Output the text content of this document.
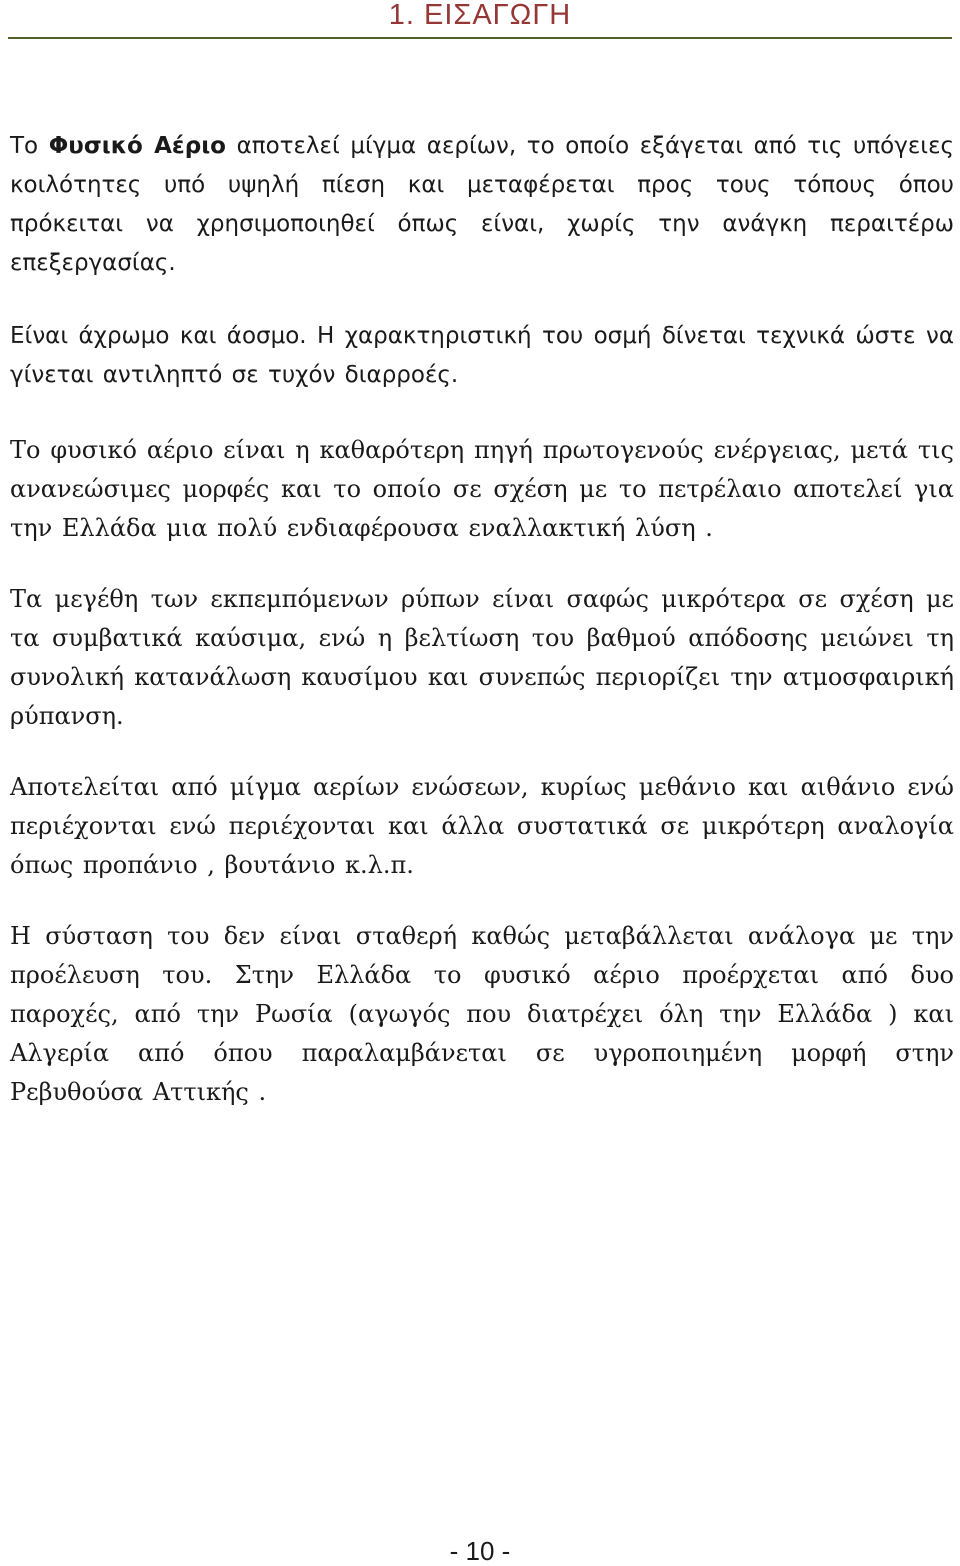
1. ΕΙΣΑΓΩΓΗ

Το Φυσικό Αέριο αποτελεί μίγμα αερίων, το οποίο εξάγεται από τις υπόγειες κοιλότητες υπό υψηλή πίεση και μεταφέρεται προς τους τόπους όπου πρόκειται να χρησιμοποιηθεί όπως είναι, χωρίς την ανάγκη περαιτέρω επεξεργασίας.

Είναι άχρωμο και άοσμο. Η χαρακτηριστική του οσμή δίνεται τεχνικά ώστε να γίνεται αντιληπτό σε τυχόν διαρροές.

Το φυσικό αέριο είναι η καθαρότερη πηγή πρωτογενούς ενέργειας, μετά τις ανανεώσιμες μορφές και το οποίο σε σχέση με το πετρέλαιο αποτελεί για την Ελλάδα μια πολύ ενδιαφέρουσα εναλλακτική λύση .

Τα μεγέθη των εκπεμπόμενων ρύπων είναι σαφώς μικρότερα σε σχέση με τα συμβατικά καύσιμα, ενώ η βελτίωση του βαθμού απόδοσης μειώνει τη συνολική κατανάλωση καυσίμου και συνεπώς περιορίζει την ατμοσφαιρική ρύπανση.

Αποτελείται από μίγμα αερίων ενώσεων, κυρίως μεθάνιο και αιθάνιο ενώ περιέχονται ενώ περιέχονται και άλλα συστατικά σε μικρότερη αναλογία όπως προπάνιο , βουτάνιο κ.λ.π.

Η σύσταση του δεν είναι σταθερή καθώς μεταβάλλεται ανάλογα με την προέλευση του. Στην Ελλάδα το φυσικό αέριο προέρχεται από δυο παροχές, από την Ρωσία (αγωγός που διατρέχει όλη την Ελλάδα ) και Αλγερία από όπου παραλαμβάνεται σε υγροποιημένη μορφή στην Ρεβυθούσα Αττικής .

- 10 -
